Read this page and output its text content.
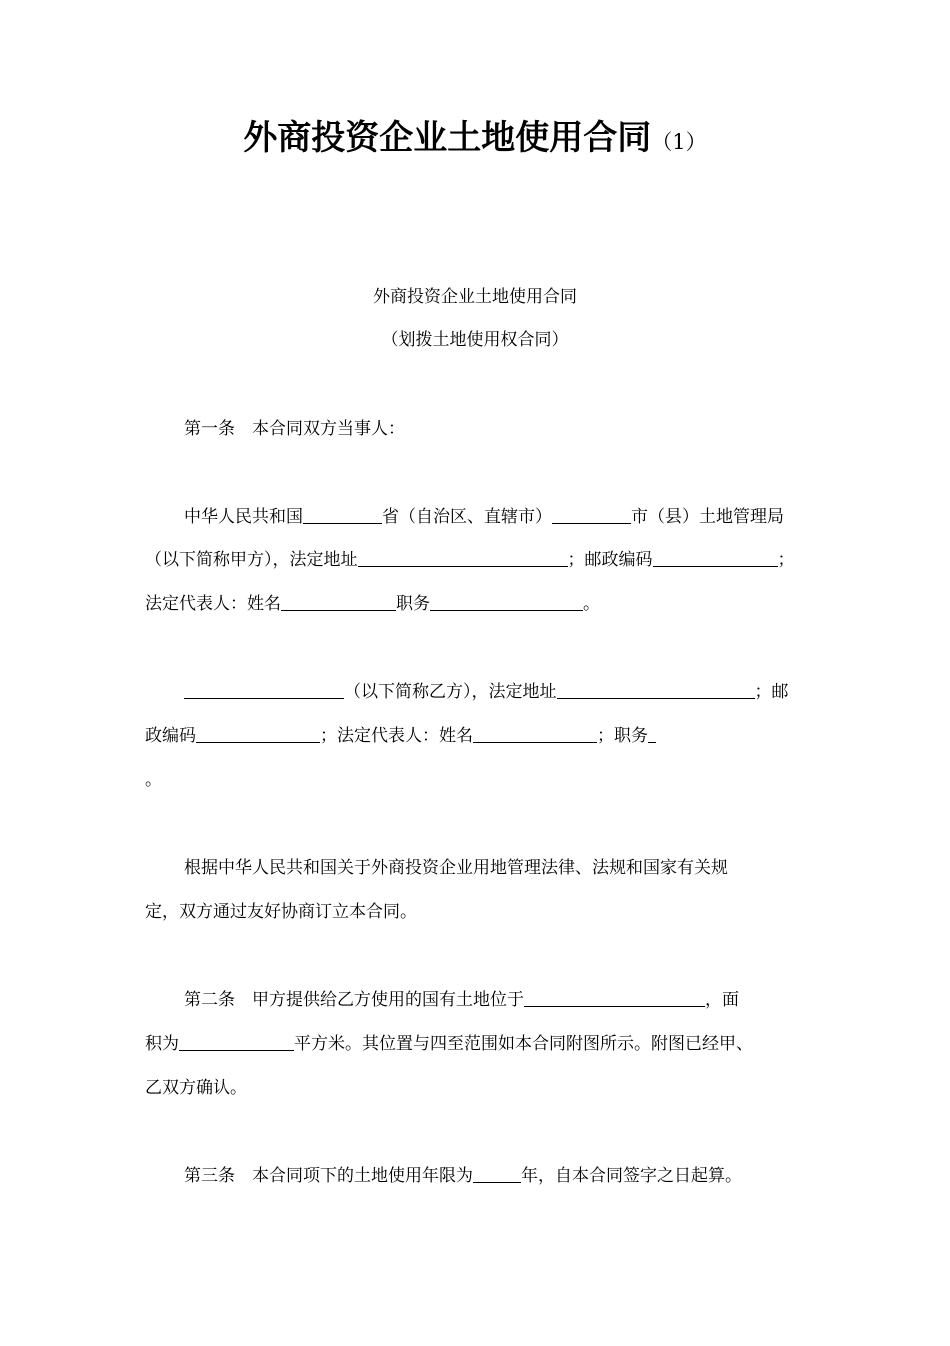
外商投资企业土地使用合同（1）
外商投资企业土地使用合同
（划拨土地使用权合同）
第一条　本合同双方当事人：
中华人民共和国	省（自治区、直辖市）	市（县）土地管理局
（以下简称甲方），法定地址	；邮政编码	；
法定代表人：姓名	职务	。
（以下简称乙方），法定地址	；邮
政编码	；法定代表人：姓名	；职务
。
根据中华人民共和国关于外商投资企业用地管理法律、法规和国家有关规
定，双方通过友好协商订立本合同。
第二条　甲方提供给乙方使用的国有土地位于	，面
积为	平方米。其位置与四至范围如本合同附图所示。附图已经甲、
乙双方确认。
第三条　本合同项下的土地使用年限为	年，自本合同签字之日起算。
